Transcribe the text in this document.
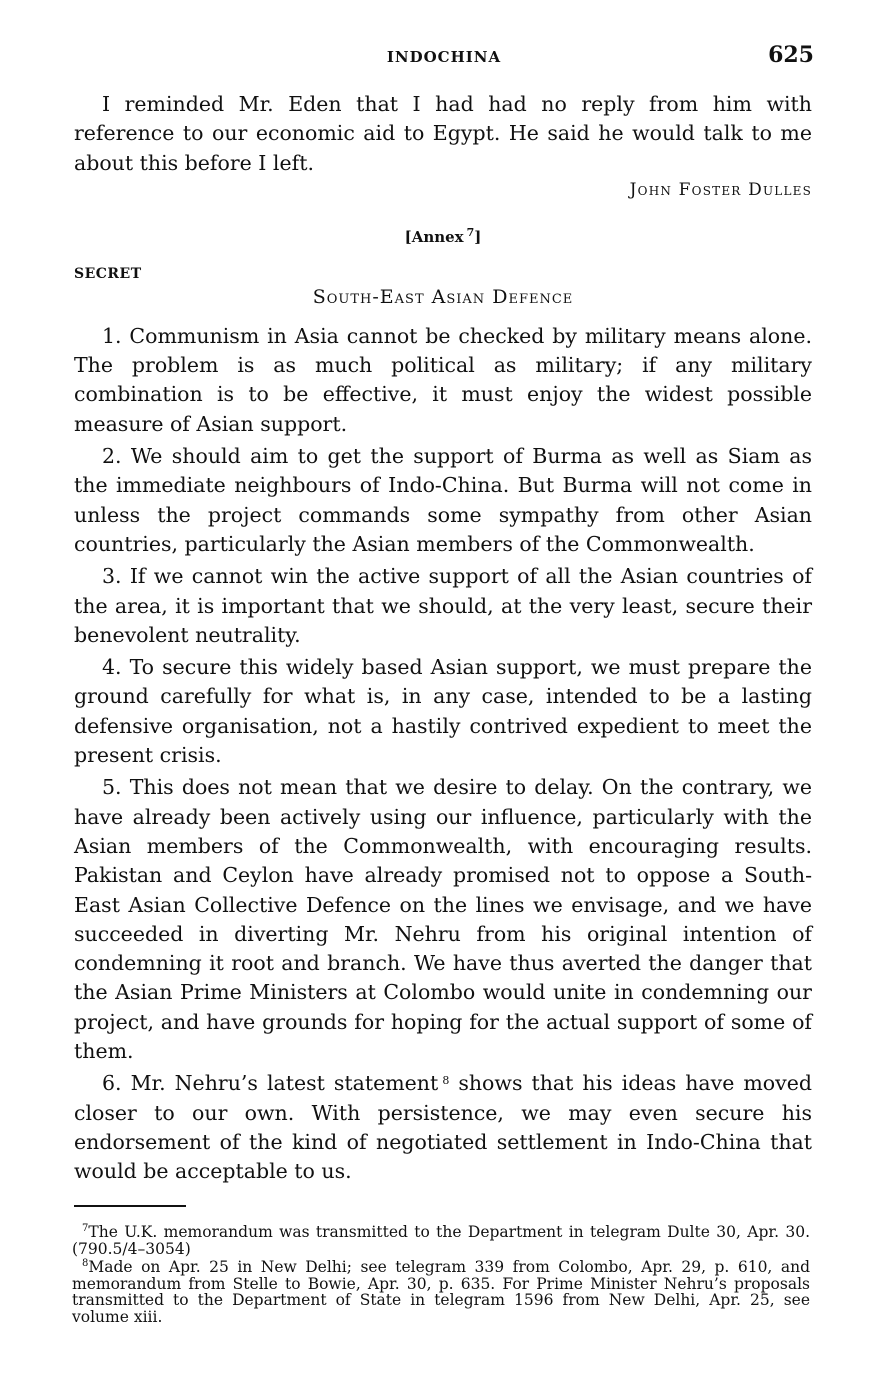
INDOCHINA	625

I reminded Mr. Eden that I had had no reply from him with reference to our economic aid to Egypt. He said he would talk to me about this before I left.

John Foster Dulles
[Annex  $^7$]
SECRET
South-East Asian Defence

1. Communism in Asia cannot be checked by military means alone. The problem is as much political as military; if any military combination is to be effective, it must enjoy the widest possible measure of Asian support.

2. We should aim to get the support of Burma as well as Siam as the immediate neighbours of Indo-China. But Burma will not come in unless the project commands some sympathy from other Asian countries, particularly the Asian members of the Commonwealth.

3. If we cannot win the active support of all the Asian countries of the area, it is important that we should, at the very least, secure their benevolent neutrality.

4. To secure this widely based Asian support, we must prepare the ground carefully for what is, in any case, intended to be a lasting defensive organisation, not a hastily contrived expedient to meet the present crisis.

5. This does not mean that we desire to delay. On the contrary, we have already been actively using our influence, particularly with the Asian members of the Commonwealth, with encouraging results. Pakistan and Ceylon have already promised not to oppose a South-East Asian Collective Defence on the lines we envisage, and we have succeeded in diverting Mr. Nehru from his original intention of condemning it root and branch. We have thus averted the danger that the Asian Prime Ministers at Colombo would unite in condemning our project, and have grounds for hoping for the actual support of some of them.

6. Mr. Nehru’s latest statement  $^8$ shows that his ideas have moved closer to our own. With persistence, we may even secure his endorsement of the kind of negotiated settlement in Indo-China that would be acceptable to us.

$^7$The U.K. memorandum was transmitted to the Department in telegram Dulte 30, Apr. 30. (790.5/4–3054)

$^8$Made on Apr. 25 in New Delhi; see telegram 339 from Colombo, Apr. 29, p. 610, and memorandum from Stelle to Bowie, Apr. 30, p. 635. For Prime Minister Nehru’s proposals transmitted to the Department of State in telegram 1596 from New Delhi, Apr. 25, see volume xiii.
